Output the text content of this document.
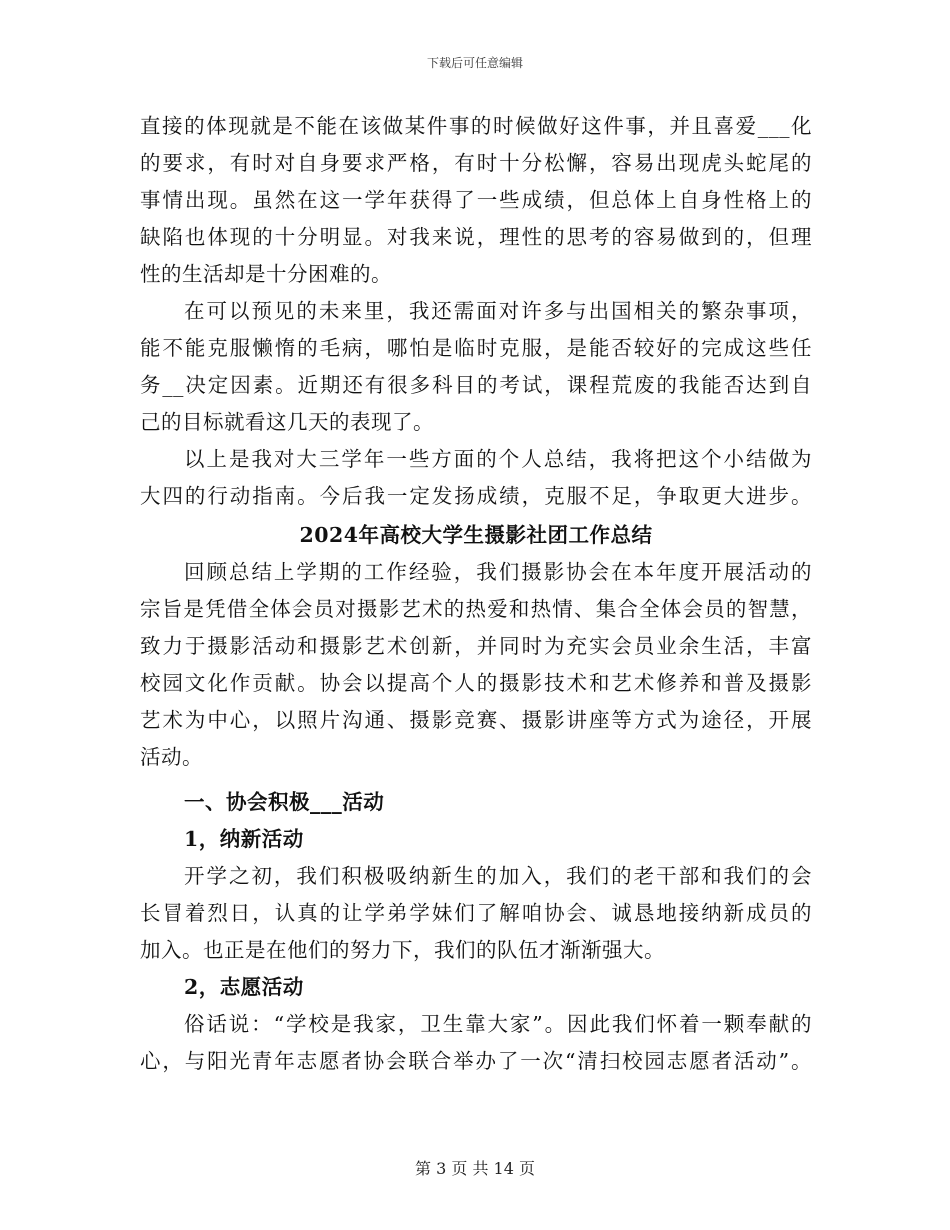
下载后可任意编辑
直接的体现就是不能在该做某件事的时候做好这件事，并且喜爱___化
的要求，有时对自身要求严格，有时十分松懈，容易出现虎头蛇尾的
事情出现。虽然在这一学年获得了一些成绩，但总体上自身性格上的
缺陷也体现的十分明显。对我来说，理性的思考的容易做到的，但理
性的生活却是十分困难的。
在可以预见的未来里，我还需面对许多与出国相关的繁杂事项，
能不能克服懒惰的毛病，哪怕是临时克服，是能否较好的完成这些任
务__决定因素。近期还有很多科目的考试，课程荒废的我能否达到自
己的目标就看这几天的表现了。
以上是我对大三学年一些方面的个人总结，我将把这个小结做为
大四的行动指南。今后我一定发扬成绩，克服不足，争取更大进步。
2024年高校大学生摄影社团工作总结
回顾总结上学期的工作经验，我们摄影协会在本年度开展活动的
宗旨是凭借全体会员对摄影艺术的热爱和热情、集合全体会员的智慧，
致力于摄影活动和摄影艺术创新，并同时为充实会员业余生活，丰富
校园文化作贡献。协会以提高个人的摄影技术和艺术修养和普及摄影
艺术为中心，以照片沟通、摄影竞赛、摄影讲座等方式为途径，开展
活动。
一、协会积极___活动
1，纳新活动
开学之初，我们积极吸纳新生的加入，我们的老干部和我们的会
长冒着烈日，认真的让学弟学妹们了解咱协会、诚恳地接纳新成员的
加入。也正是在他们的努力下，我们的队伍才渐渐强大。
2，志愿活动
俗话说：“学校是我家，卫生靠大家”。因此我们怀着一颗奉献的
心，与阳光青年志愿者协会联合举办了一次“清扫校园志愿者活动”。
第 3 页 共 14 页
